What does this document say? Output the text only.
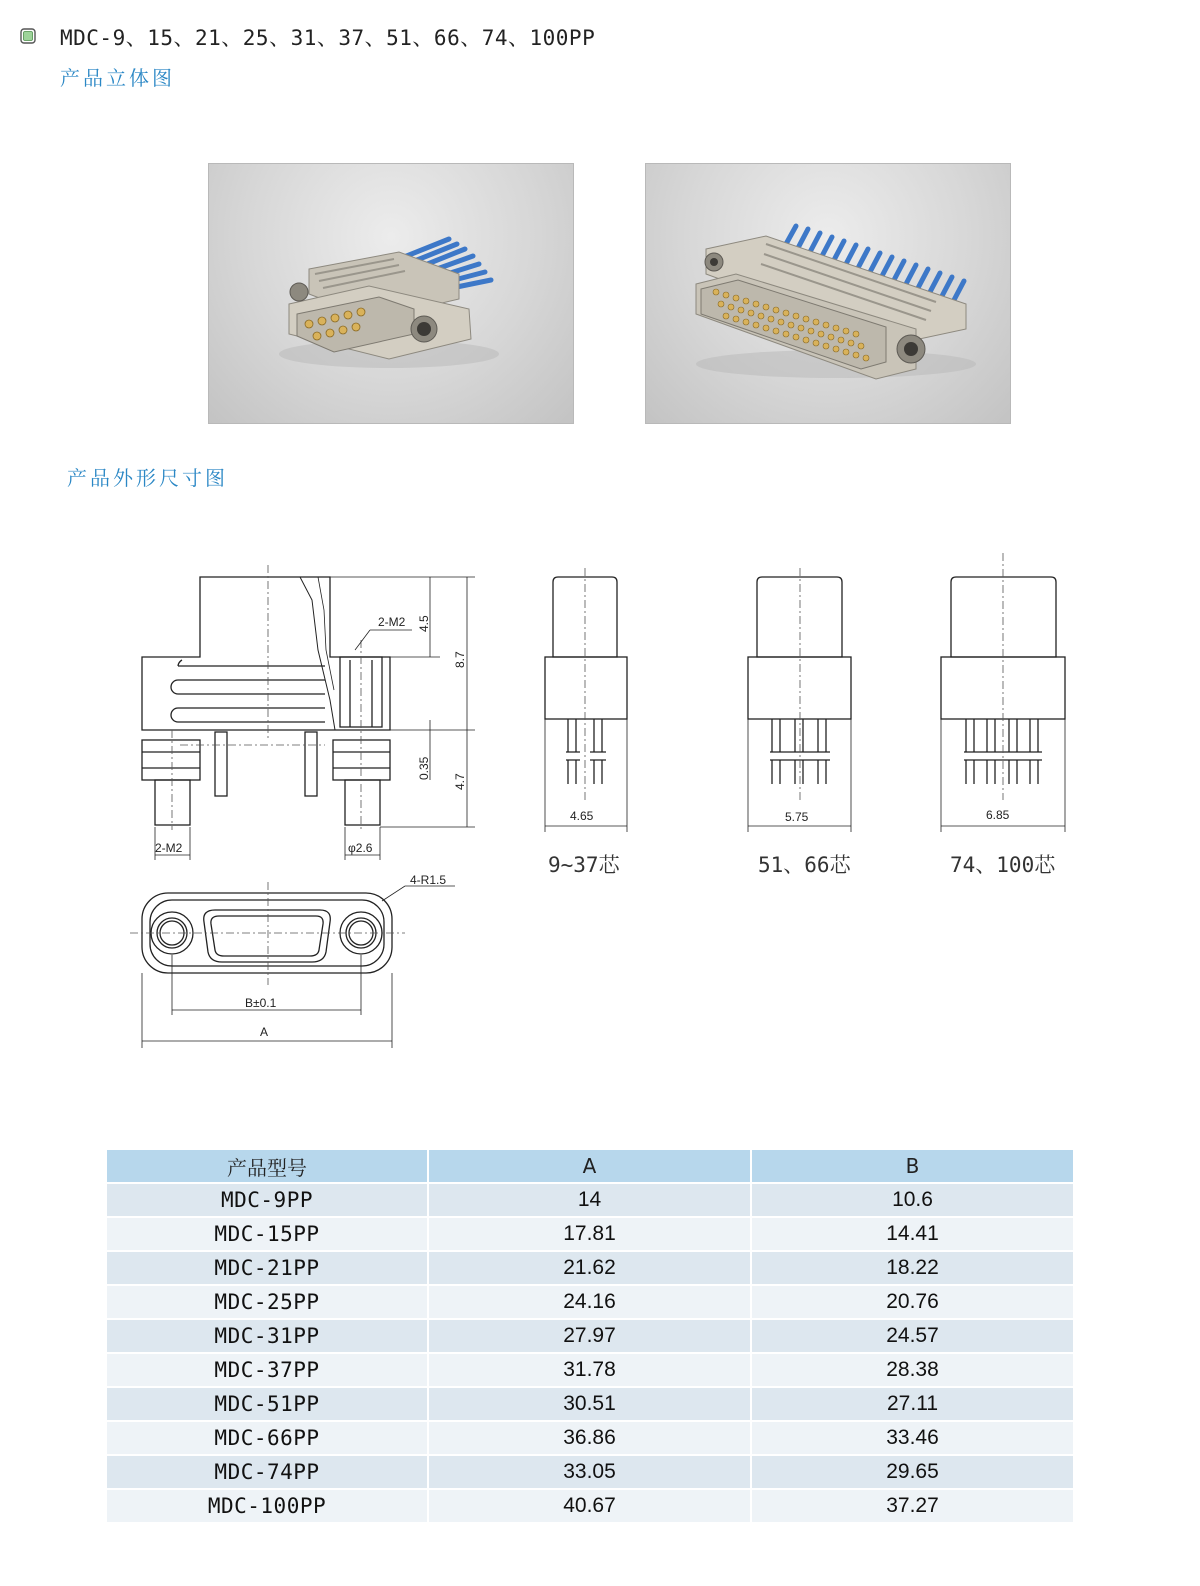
MDC-9、15、21、25、31、37、51、66、74、100PP
产品立体图
产品外形尺寸图
2-M2 4.5
8.7
0.35
4.7
2-M2	φ2.6
4-R1.5
B±0.1
A
4.65	5.75	6.85
9~37芯	51、66芯	74、100芯
产品型号	A	B
MDC-9PP	14	10.6
MDC-15PP	17.81	14.41
MDC-21PP	21.62	18.22
MDC-25PP	24.16	20.76
MDC-31PP	27.97	24.57
MDC-37PP	31.78	28.38
MDC-51PP	30.51	27.11
MDC-66PP	36.86	33.46
MDC-74PP	33.05	29.65
MDC-100PP	40.67	37.27
